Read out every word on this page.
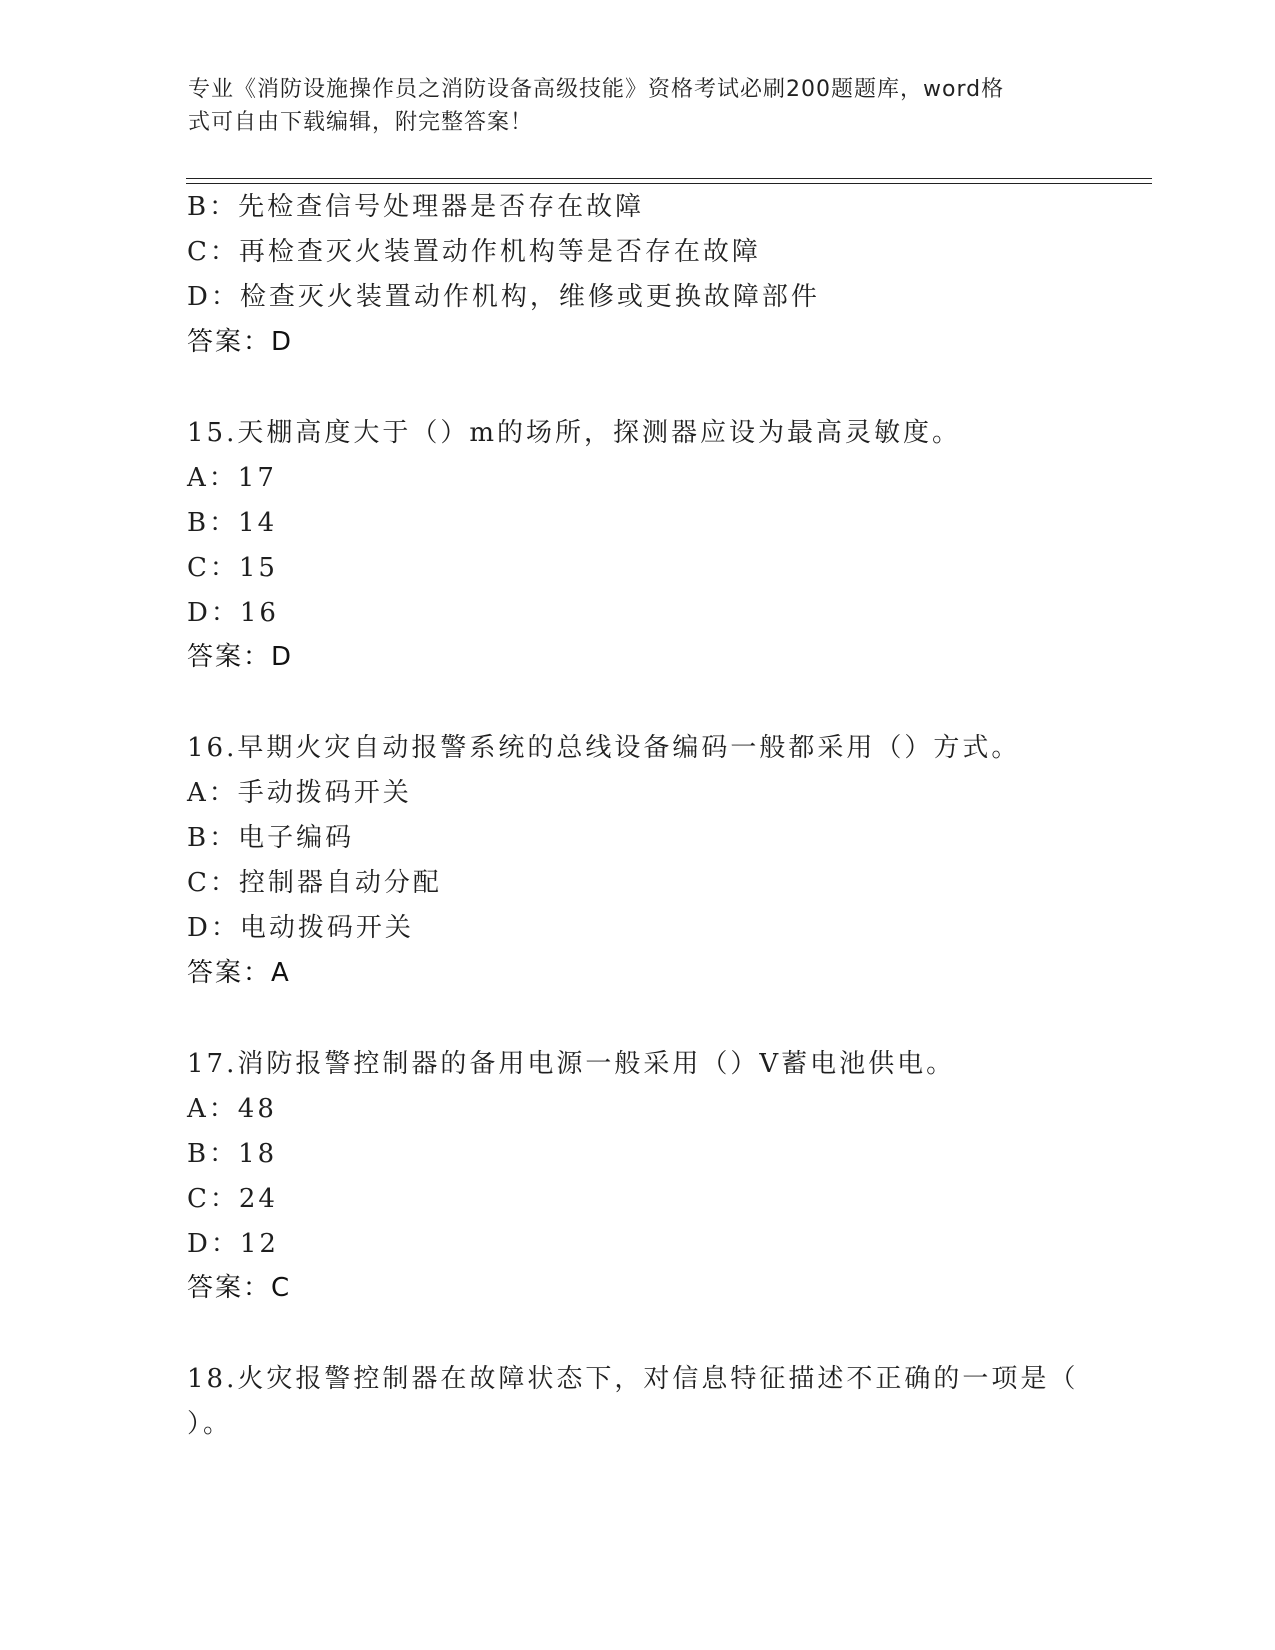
专业《消防设施操作员之消防设备高级技能》资格考试必刷200题题库，word格
式可自由下载编辑，附完整答案！
B：先检查信号处理器是否存在故障
C：再检查灭火装置动作机构等是否存在故障
D：检查灭火装置动作机构，维修或更换故障部件
答案：D
15.天棚高度大于（）m的场所，探测器应设为最高灵敏度。
A：17
B：14
C：15
D：16
答案：D
16.早期火灾自动报警系统的总线设备编码一般都采用（）方式。
A：手动拨码开关
B：电子编码
C：控制器自动分配
D：电动拨码开关
答案：A
17.消防报警控制器的备用电源一般采用（）V蓄电池供电。
A：48
B：18
C：24
D：12
答案：C
18.火灾报警控制器在故障状态下，对信息特征描述不正确的一项是（
）。
